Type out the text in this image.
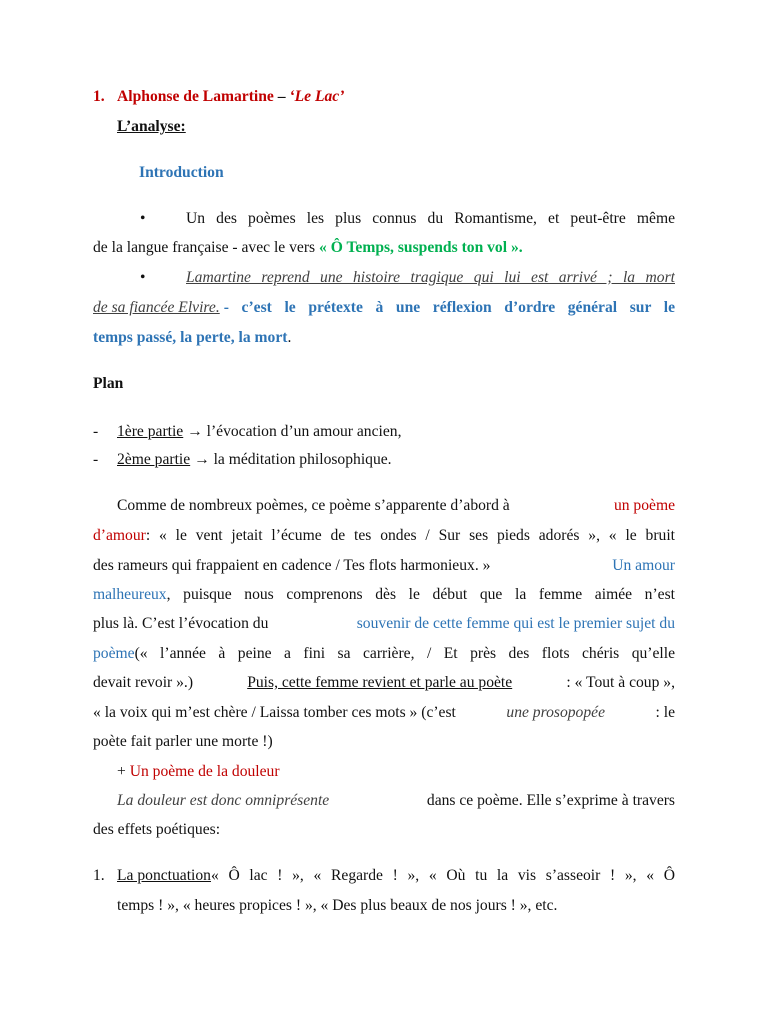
1. Alphonse de Lamartine – ‘Le Lac’
L’analyse:
Introduction
•	Un des poèmes les plus connus du Romantisme, et peut-être même
de la langue française - avec le vers « Ô Temps, suspends ton vol ».
•	Lamartine reprend une histoire tragique qui lui est arrivé ; la mort
de sa fiancée Elvire. - c’est le prétexte à une réflexion d’ordre général sur le
temps passé, la perte, la mort.
Plan
- 1ère partie → l’évocation d’un amour ancien,
- 2ème partie → la méditation philosophique.
Comme de nombreux poèmes, ce poème s’apparente d’abord à	un poème
d’amour : « le vent jetait l’écume de tes ondes / Sur ses pieds adorés », « le bruit
des rameurs qui frappaient en cadence / Tes flots harmonieux. »	Un amour
malheureux , puisque nous comprenons dès le début que la femme aimée n’est
plus là. C’est l’évocation du	souvenir de cette femme qui est le premier sujet du
poème (« l’année à peine a fini sa carrière, / Et près des flots chéris qu’elle
devait revoir ».)	Puis, cette femme revient et parle au poète	: « Tout à coup »,
« la voix qui m’est chère / Laissa tomber ces mots » (c’est	une prosopopée	: le
poète fait parler une morte !)
+ Un poème de la douleur
La douleur est donc omniprésente	dans ce poème. Elle s’exprime à travers
des effets poétiques:
1. La ponctuation « Ô lac ! », « Regarde ! », « Où tu la vis s’asseoir ! », « Ô
temps ! », « heures propices ! », « Des plus beaux de nos jours ! », etc.
